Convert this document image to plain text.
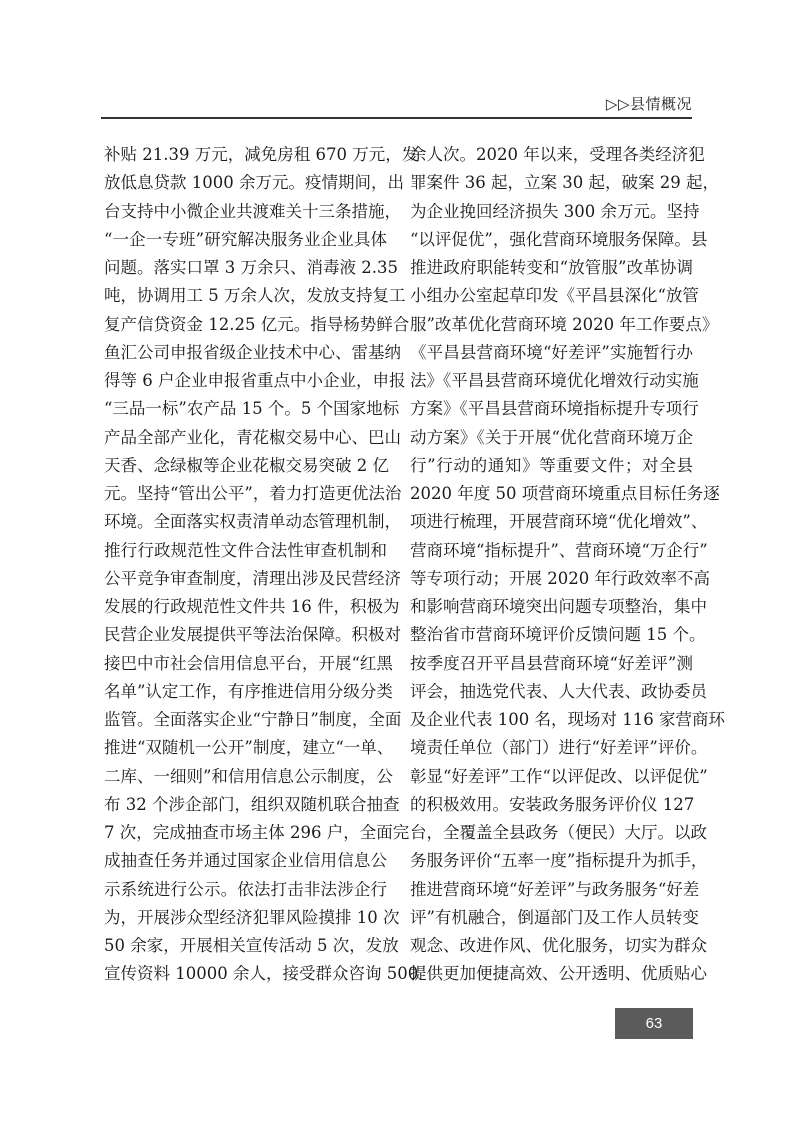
▷▷县情概况
补贴 21.39 万元，减免房租 670 万元，发
放低息贷款 1000 余万元。疫情期间，出
台支持中小微企业共渡难关十三条措施，
“一企一专班”研究解决服务业企业具体
问题。落实口罩 3 万余只、消毒液 2.35
吨，协调用工 5 万余人次，发放支持复工
复产信贷资金 12.25 亿元。指导杨势鲜合
鱼汇公司申报省级企业技术中心、雷基纳
得等 6 户企业申报省重点中小企业，申报
“三品一标”农产品 15 个。5 个国家地标
产品全部产业化，青花椒交易中心、巴山
天香、念绿椒等企业花椒交易突破 2 亿
元。坚持“管出公平”，着力打造更优法治
环境。全面落实权责清单动态管理机制，
推行行政规范性文件合法性审查机制和
公平竞争审查制度，清理出涉及民营经济
发展的行政规范性文件共 16 件，积极为
民营企业发展提供平等法治保障。积极对
接巴中市社会信用信息平台，开展“红黑
名单”认定工作，有序推进信用分级分类
监管。全面落实企业“宁静日”制度，全面
推进“双随机一公开”制度，建立“一单、
二库、一细则”和信用信息公示制度，公
布 32 个涉企部门，组织双随机联合抽查
7 次，完成抽查市场主体 296 户，全面完
成抽查任务并通过国家企业信用信息公
示系统进行公示。依法打击非法涉企行
为，开展涉众型经济犯罪风险摸排 10 次
50 余家，开展相关宣传活动 5 次，发放
宣传资料 10000 余人，接受群众咨询 500
余人次。2020 年以来，受理各类经济犯
罪案件 36 起，立案 30 起，破案 29 起，
为企业挽回经济损失 300 余万元。坚持
“以评促优”，强化营商环境服务保障。县
推进政府职能转变和“放管服”改革协调
小组办公室起草印发《平昌县深化“放管
服”改革优化营商环境 2020 年工作要点》
《平昌县营商环境“好差评”实施暂行办
法》《平昌县营商环境优化增效行动实施
方案》《平昌县营商环境指标提升专项行
动方案》《关于开展“优化营商环境万企
行”行动的通知》等重要文件；对全县
2020 年度 50 项营商环境重点目标任务逐
项进行梳理，开展营商环境“优化增效”、
营商环境“指标提升”、营商环境“万企行”
等专项行动；开展 2020 年行政效率不高
和影响营商环境突出问题专项整治，集中
整治省市营商环境评价反馈问题 15 个。
按季度召开平昌县营商环境“好差评”测
评会，抽选党代表、人大代表、政协委员
及企业代表 100 名，现场对 116 家营商环
境责任单位（部门）进行“好差评”评价。
彰显“好差评”工作“以评促改、以评促优”
的积极效用。安装政务服务评价仪 127
台，全覆盖全县政务（便民）大厅。以政
务服务评价“五率一度”指标提升为抓手，
推进营商环境“好差评”与政务服务“好差
评”有机融合，倒逼部门及工作人员转变
观念、改进作风、优化服务，切实为群众
提供更加便捷高效、公开透明、优质贴心
63
